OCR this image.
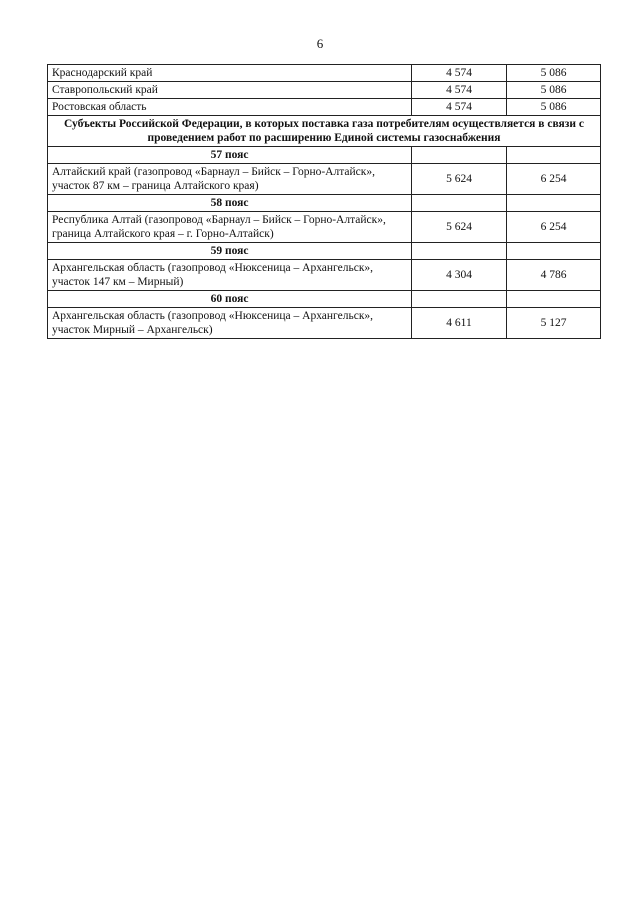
6
Краснодарский край	4 574	5 086
Ставропольский край	4 574	5 086
Ростовская область	4 574	5 086
Субъекты Российской Федерации, в которых поставка газа потребителям осуществляется в связи с проведением работ по расширению Единой системы газоснабжения		
57 пояс		
Алтайский край (газопровод «Барнаул – Бийск – Горно-Алтайск», участок 87 км – граница Алтайского края)	5 624	6 254
58 пояс		
Республика Алтай (газопровод «Барнаул – Бийск – Горно-Алтайск», граница Алтайского края – г. Горно-Алтайск)	5 624	6 254
59 пояс		
Архангельская область (газопровод «Нюксеница – Архангельск», участок 147 км – Мирный)	4 304	4 786
60 пояс		
Архангельская область (газопровод «Нюксеница – Архангельск», участок Мирный – Архангельск)	4 611	5 127
